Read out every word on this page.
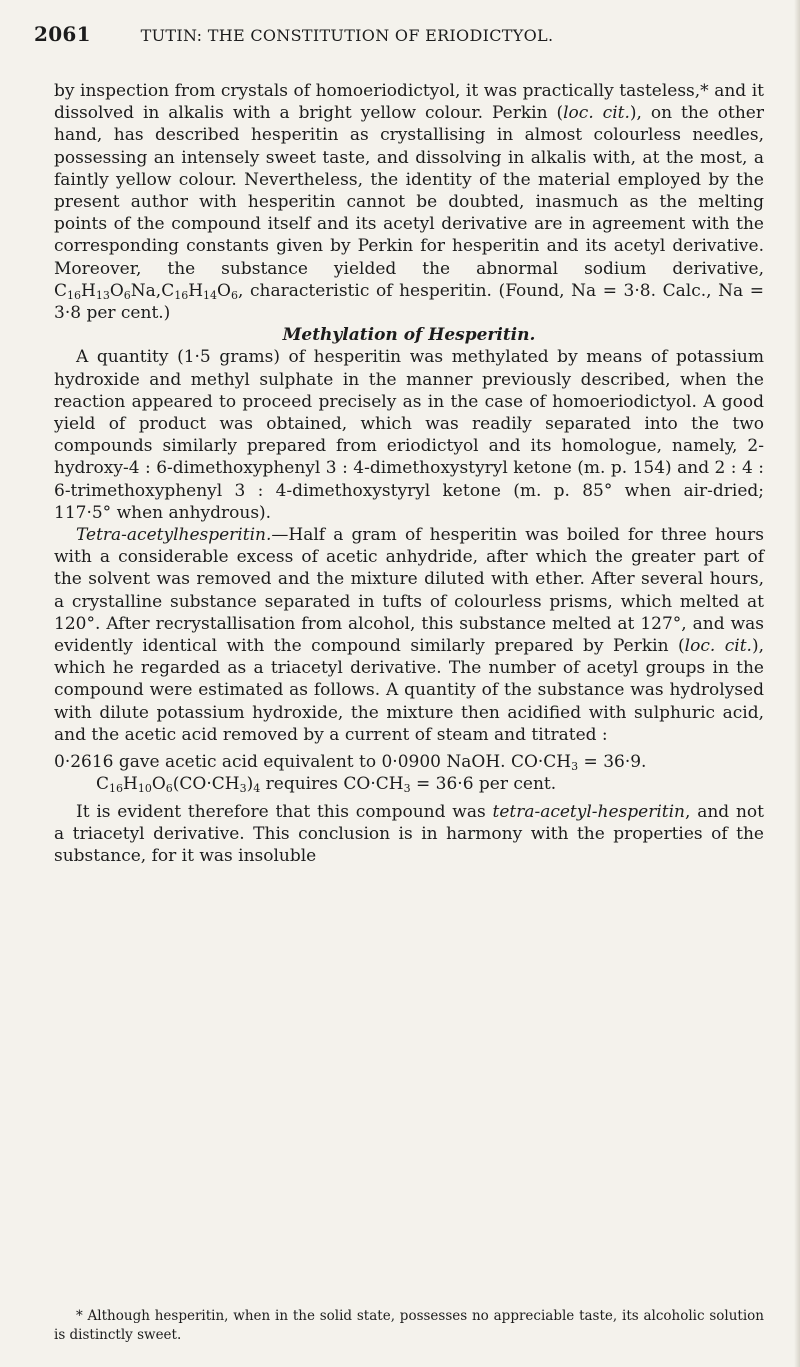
2061	TUTIN: THE CONSTITUTION OF ERIODICTYOL.

by inspection from crystals of homoeriodictyol, it was practically tasteless,* and it dissolved in alkalis with a bright yellow colour. Perkin (loc. cit.), on the other hand, has described hesperitin as crystallising in almost colourless needles, possessing an intensely sweet taste, and dissolving in alkalis with, at the most, a faintly yellow colour. Nevertheless, the identity of the material employed by the present author with hesperitin cannot be doubted, inasmuch as the melting points of the compound itself and its acetyl derivative are in agreement with the corresponding constants given by Perkin for hesperitin and its acetyl derivative. Moreover, the substance yielded the abnormal sodium derivative, $C_{16}H_{13}O_6Na,C_{16}H_{14}O_6$, characteristic of hesperitin. (Found, Na = 3·8. Calc., Na = 3·8 per cent.)

Methylation of Hesperitin.

A quantity (1·5 grams) of hesperitin was methylated by means of potassium hydroxide and methyl sulphate in the manner previously described, when the reaction appeared to proceed precisely as in the case of homoeriodictyol. A good yield of product was obtained, which was readily separated into the two compounds similarly prepared from eriodictyol and its homologue, namely, 2-hydroxy-4 : 6-dimethoxyphenyl 3 : 4-dimethoxystyryl ketone (m. p. 154) and 2 : 4 : 6-trimethoxyphenyl 3 : 4-dimethoxystyryl ketone (m. p. 85° when air-dried; 117·5° when anhydrous).

Tetra-acetylhesperitin.—Half a gram of hesperitin was boiled for three hours with a considerable excess of acetic anhydride, after which the greater part of the solvent was removed and the mixture diluted with ether. After several hours, a crystalline substance separated in tufts of colourless prisms, which melted at 120°. After recrystallisation from alcohol, this substance melted at 127°, and was evidently identical with the compound similarly prepared by Perkin (loc. cit.), which he regarded as a triacetyl derivative. The number of acetyl groups in the compound were estimated as follows. A quantity of the substance was hydrolysed with dilute potassium hydroxide, the mixture then acidified with sulphuric acid, and the acetic acid removed by a current of steam and titrated :

0·2616 gave acetic acid equivalent to 0·0900 NaOH. $CO\cdot CH_3 = 36\cdot 9$.

$C_{16}H_{10}O_6(CO\cdot CH_3)_4$ requires $CO\cdot CH_3 = 36\cdot 6$ per cent.

It is evident therefore that this compound was tetra-acetyl-hesperitin, and not a triacetyl derivative. This conclusion is in harmony with the properties of the substance, for it was insoluble

* Although hesperitin, when in the solid state, possesses no appreciable taste, its alcoholic solution is distinctly sweet.
